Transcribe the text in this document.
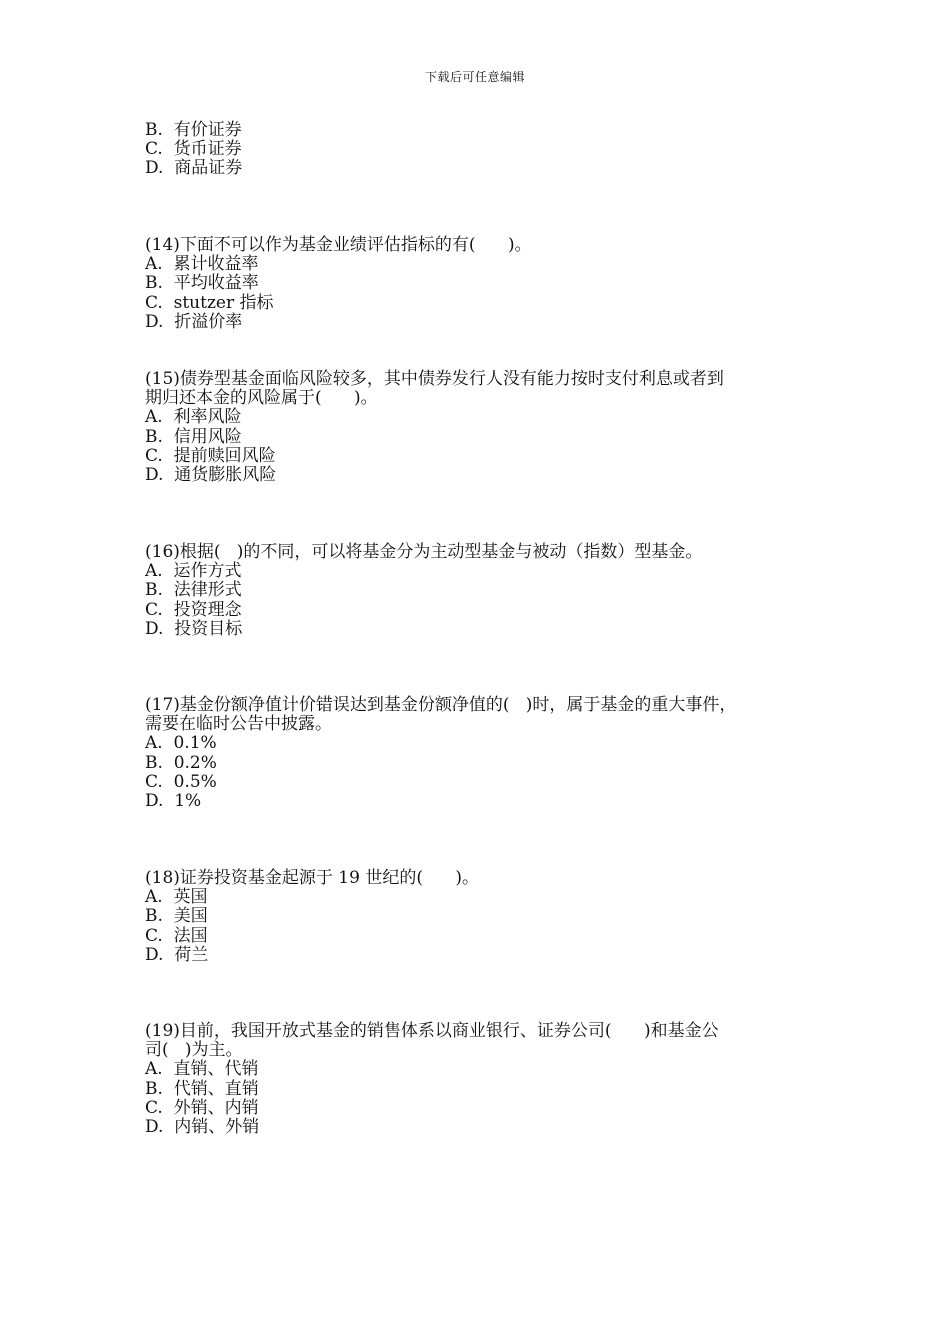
下载后可任意编辑
B.  有价证券
C.  货币证券
D.  商品证券
(14)下面不可以作为基金业绩评估指标的有(      )。
A.  累计收益率
B.  平均收益率
C.  stutzer 指标
D.  折溢价率
(15)债券型基金面临风险较多，其中债券发行人没有能力按时支付利息或者到
期归还本金的风险属于(      )。
A.  利率风险
B.  信用风险
C.  提前赎回风险
D.  通货膨胀风险
(16)根据(   )的不同，可以将基金分为主动型基金与被动（指数）型基金。
A.  运作方式
B.  法律形式
C.  投资理念
D.  投资目标
(17)基金份额净值计价错误达到基金份额净值的(   )时，属于基金的重大事件，
需要在临时公告中披露。
A.  0.1%
B.  0.2%
C.  0.5%
D.  1%
(18)证券投资基金起源于 19 世纪的(      )。
A.  英国
B.  美国
C.  法国
D.  荷兰
(19)目前，我国开放式基金的销售体系以商业银行、证券公司(      )和基金公
司(   )为主。
A.  直销、代销
B.  代销、直销
C.  外销、内销
D.  内销、外销
